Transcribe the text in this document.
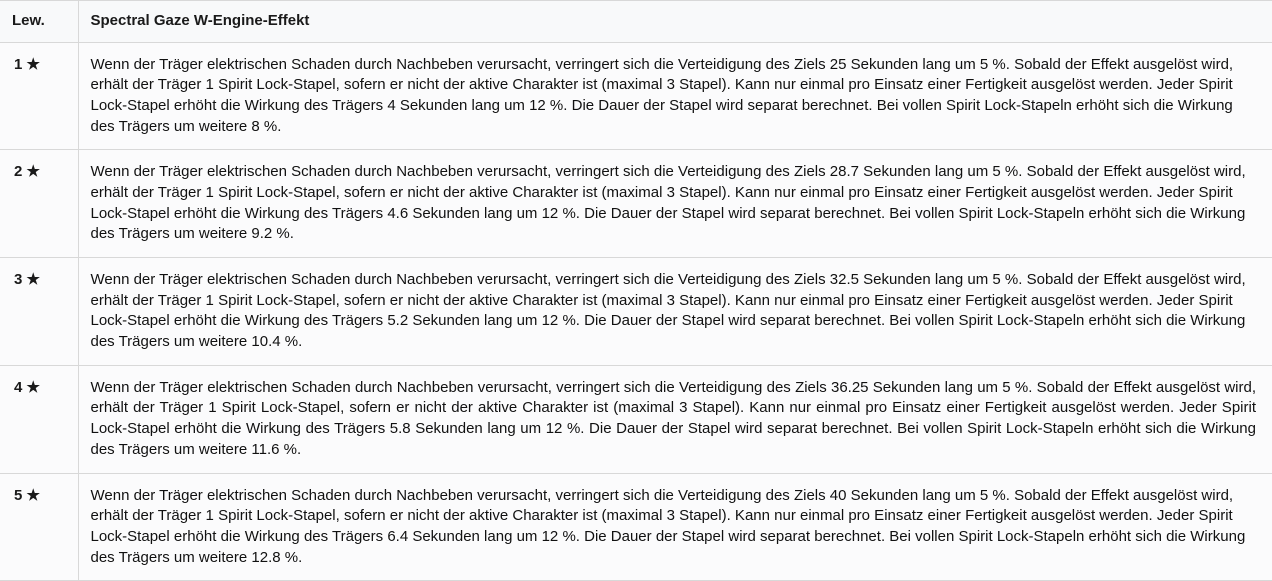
Lew.	Spectral Gaze W-Engine-Effekt
1 ★	Wenn der Träger elektrischen Schaden durch Nachbeben verursacht, verringert sich die Verteidigung des Ziels 25 Sekunden lang um 5 %. Sobald der Effekt ausgelöst wird, erhält der Träger 1 Spirit Lock-Stapel, sofern er nicht der aktive Charakter ist (maximal 3 Stapel). Kann nur einmal pro Einsatz einer Fertigkeit ausgelöst werden. Jeder Spirit Lock-Stapel erhöht die Wirkung des Trägers 4 Sekunden lang um 12 %. Die Dauer der Stapel wird separat berechnet. Bei vollen Spirit Lock-Stapeln erhöht sich die Wirkung des Trägers um weitere 8 %.
2 ★	Wenn der Träger elektrischen Schaden durch Nachbeben verursacht, verringert sich die Verteidigung des Ziels 28.7 Sekunden lang um 5 %. Sobald der Effekt ausgelöst wird, erhält der Träger 1 Spirit Lock-Stapel, sofern er nicht der aktive Charakter ist (maximal 3 Stapel). Kann nur einmal pro Einsatz einer Fertigkeit ausgelöst werden. Jeder Spirit Lock-Stapel erhöht die Wirkung des Trägers 4.6 Sekunden lang um 12 %. Die Dauer der Stapel wird separat berechnet. Bei vollen Spirit Lock-Stapeln erhöht sich die Wirkung des Trägers um weitere 9.2 %.
3 ★	Wenn der Träger elektrischen Schaden durch Nachbeben verursacht, verringert sich die Verteidigung des Ziels 32.5 Sekunden lang um 5 %. Sobald der Effekt ausgelöst wird, erhält der Träger 1 Spirit Lock-Stapel, sofern er nicht der aktive Charakter ist (maximal 3 Stapel). Kann nur einmal pro Einsatz einer Fertigkeit ausgelöst werden. Jeder Spirit Lock-Stapel erhöht die Wirkung des Trägers 5.2 Sekunden lang um 12 %. Die Dauer der Stapel wird separat berechnet. Bei vollen Spirit Lock-Stapeln erhöht sich die Wirkung des Trägers um weitere 10.4 %.
4 ★	Wenn der Träger elektrischen Schaden durch Nachbeben verursacht, verringert sich die Verteidigung des Ziels 36.25 Sekunden lang um 5 %. Sobald der Effekt ausgelöst wird, erhält der Träger 1 Spirit Lock-Stapel, sofern er nicht der aktive Charakter ist (maximal 3 Stapel). Kann nur einmal pro Einsatz einer Fertigkeit ausgelöst werden. Jeder Spirit Lock-Stapel erhöht die Wirkung des Trägers 5.8 Sekunden lang um 12 %. Die Dauer der Stapel wird separat berechnet. Bei vollen Spirit Lock-Stapeln erhöht sich die Wirkung des Trägers um weitere 11.6 %.
5 ★	Wenn der Träger elektrischen Schaden durch Nachbeben verursacht, verringert sich die Verteidigung des Ziels 40 Sekunden lang um 5 %. Sobald der Effekt ausgelöst wird, erhält der Träger 1 Spirit Lock-Stapel, sofern er nicht der aktive Charakter ist (maximal 3 Stapel). Kann nur einmal pro Einsatz einer Fertigkeit ausgelöst werden. Jeder Spirit Lock-Stapel erhöht die Wirkung des Trägers 6.4 Sekunden lang um 12 %. Die Dauer der Stapel wird separat berechnet. Bei vollen Spirit Lock-Stapeln erhöht sich die Wirkung des Trägers um weitere 12.8 %.
